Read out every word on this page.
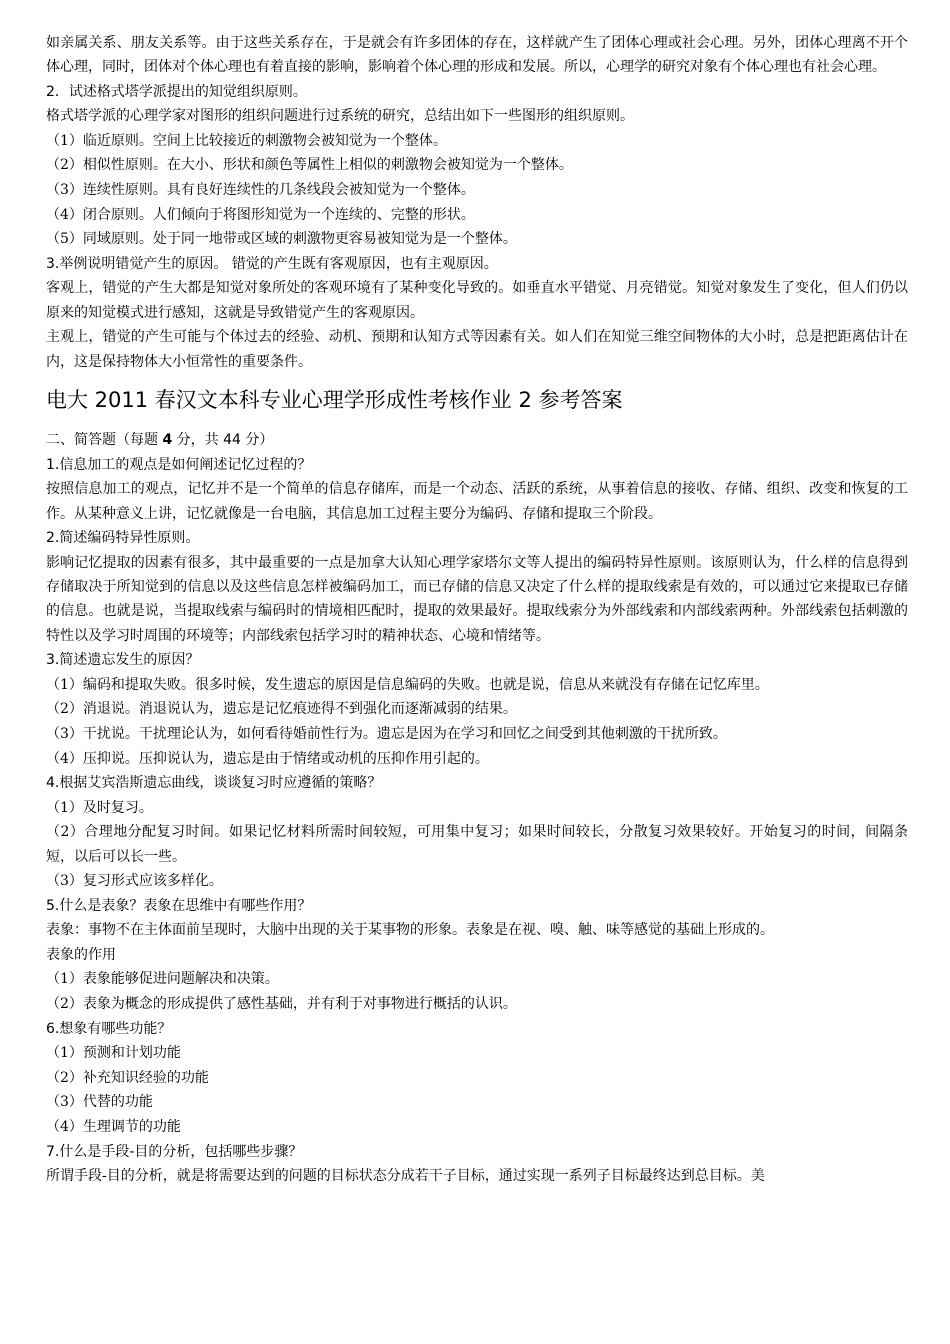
如亲属关系、朋友关系等。由于这些关系存在，于是就会有许多团体的存在，这样就产生了团体心理或社会心理。另外，团体心理离不开个体心理，同时，团体对个体心理也有着直接的影响，影响着个体心理的形成和发展。所以，心理学的研究对象有个体心理也有社会心理。

2．试述格式塔学派提出的知觉组织原则。

格式塔学派的心理学家对图形的组织问题进行过系统的研究，总结出如下一些图形的组织原则。

（1）临近原则。空间上比较接近的刺激物会被知觉为一个整体。

（2）相似性原则。在大小、形状和颜色等属性上相似的刺激物会被知觉为一个整体。

（3）连续性原则。具有良好连续性的几条线段会被知觉为一个整体。

（4）闭合原则。人们倾向于将图形知觉为一个连续的、完整的形状。

（5）同域原则。处于同一地带或区域的刺激物更容易被知觉为是一个整体。

3.举例说明错觉产生的原因。 错觉的产生既有客观原因，也有主观原因。

客观上，错觉的产生大都是知觉对象所处的客观环境有了某种变化导致的。如垂直水平错觉、月亮错觉。知觉对象发生了变化，但人们仍以原来的知觉模式进行感知，这就是导致错觉产生的客观原因。

主观上，错觉的产生可能与个体过去的经验、动机、预期和认知方式等因素有关。如人们在知觉三维空间物体的大小时，总是把距离估计在内，这是保持物体大小恒常性的重要条件。

电大 2011 春汉文本科专业心理学形成性考核作业 2 参考答案

二、简答题（每题 4 分，共 44 分）

1.信息加工的观点是如何阐述记忆过程的？

按照信息加工的观点，记忆并不是一个简单的信息存储库，而是一个动态、活跃的系统，从事着信息的接收、存储、组织、改变和恢复的工作。从某种意义上讲，记忆就像是一台电脑，其信息加工过程主要分为编码、存储和提取三个阶段。

2.简述编码特异性原则。

影响记忆提取的因素有很多，其中最重要的一点是加拿大认知心理学家塔尔文等人提出的编码特异性原则。该原则认为，什么样的信息得到存储取决于所知觉到的信息以及这些信息怎样被编码加工，而已存储的信息又决定了什么样的提取线索是有效的，可以通过它来提取已存储的信息。也就是说，当提取线索与编码时的情境相匹配时，提取的效果最好。提取线索分为外部线索和内部线索两种。外部线索包括刺激的特性以及学习时周围的环境等；内部线索包括学习时的精神状态、心境和情绪等。

3.简述遗忘发生的原因？

（1）编码和提取失败。很多时候，发生遗忘的原因是信息编码的失败。也就是说，信息从来就没有存储在记忆库里。

（2）消退说。消退说认为，遗忘是记忆痕迹得不到强化而逐渐减弱的结果。

（3）干扰说。干扰理论认为，如何看待婚前性行为。遗忘是因为在学习和回忆之间受到其他刺激的干扰所致。

（4）压抑说。压抑说认为，遗忘是由于情绪或动机的压抑作用引起的。

4.根据艾宾浩斯遗忘曲线，谈谈复习时应遵循的策略？

（1）及时复习。

（2）合理地分配复习时间。如果记忆材料所需时间较短，可用集中复习；如果时间较长，分散复习效果较好。开始复习的时间，间隔条短，以后可以长一些。

（3）复习形式应该多样化。

5.什么是表象？表象在思维中有哪些作用？

表象：事物不在主体面前呈现时，大脑中出现的关于某事物的形象。表象是在视、嗅、触、味等感觉的基础上形成的。

表象的作用

（1）表象能够促进问题解决和决策。

（2）表象为概念的形成提供了感性基础，并有利于对事物进行概括的认识。

6.想象有哪些功能？

（1）预测和计划功能

（2）补充知识经验的功能

（3）代替的功能

（4）生理调节的功能

7.什么是手段-目的分析，包括哪些步骤？

所谓手段-目的分析，就是将需要达到的问题的目标状态分成若干子目标，通过实现一系列子目标最终达到总目标。美
